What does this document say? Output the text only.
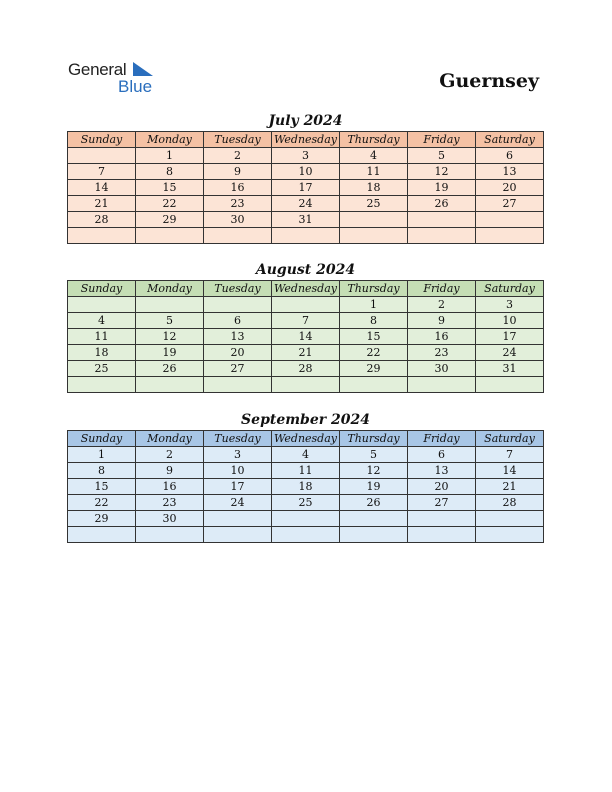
General
Blue	Guernsey
July 2024
Sunday	Monday	Tuesday	Wednesday	Thursday	Friday	Saturday
	1	2	3	4	5	6
7	8	9	10	11	12	13
14	15	16	17	18	19	20
21	22	23	24	25	26	27
28	29	30	31			

August 2024
Sunday	Monday	Tuesday	Wednesday	Thursday	Friday	Saturday
				1	2	3
4	5	6	7	8	9	10
11	12	13	14	15	16	17
18	19	20	21	22	23	24
25	26	27	28	29	30	31

September 2024
Sunday	Monday	Tuesday	Wednesday	Thursday	Friday	Saturday
1	2	3	4	5	6	7
8	9	10	11	12	13	14
15	16	17	18	19	20	21
22	23	24	25	26	27	28
29	30					
